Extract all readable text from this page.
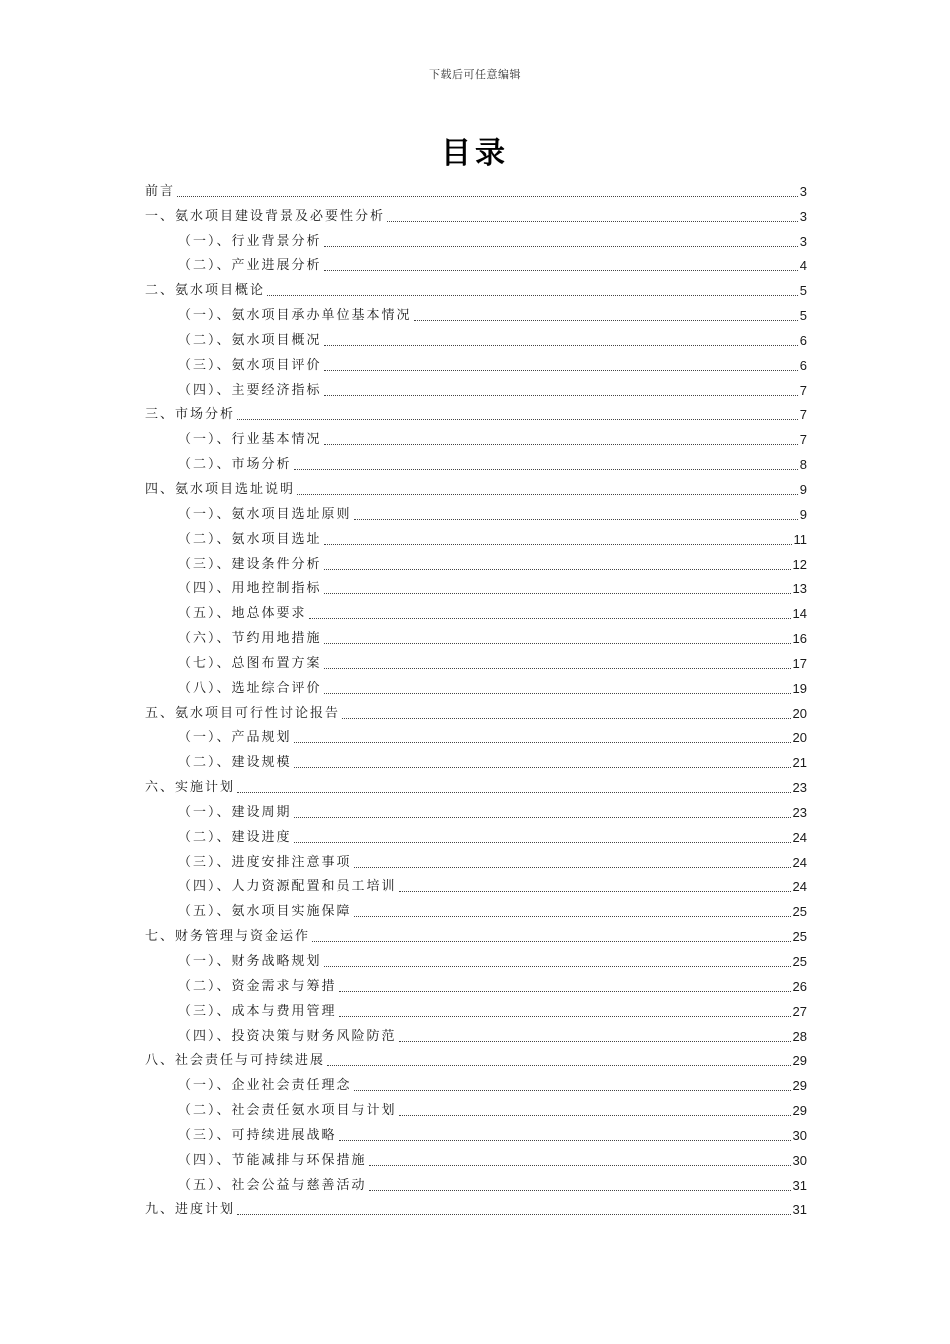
下载后可任意编辑
目录
前言	3
一、氨水项目建设背景及必要性分析	3
（一）、行业背景分析	3
（二）、产业进展分析	4
二、氨水项目概论	5
（一）、氨水项目承办单位基本情况	5
（二）、氨水项目概况	6
（三）、氨水项目评价	6
（四）、主要经济指标	7
三、市场分析	7
（一）、行业基本情况	7
（二）、市场分析	8
四、氨水项目选址说明	9
（一）、氨水项目选址原则	9
（二）、氨水项目选址	11
（三）、建设条件分析	12
（四）、用地控制指标	13
（五）、地总体要求	14
（六）、节约用地措施	16
（七）、总图布置方案	17
（八）、选址综合评价	19
五、氨水项目可行性讨论报告	20
（一）、产品规划	20
（二）、建设规模	21
六、实施计划	23
（一）、建设周期	23
（二）、建设进度	24
（三）、进度安排注意事项	24
（四）、人力资源配置和员工培训	24
（五）、氨水项目实施保障	25
七、财务管理与资金运作	25
（一）、财务战略规划	25
（二）、资金需求与筹措	26
（三）、成本与费用管理	27
（四）、投资决策与财务风险防范	28
八、社会责任与可持续进展	29
（一）、企业社会责任理念	29
（二）、社会责任氨水项目与计划	29
（三）、可持续进展战略	30
（四）、节能减排与环保措施	30
（五）、社会公益与慈善活动	31
九、进度计划	31
